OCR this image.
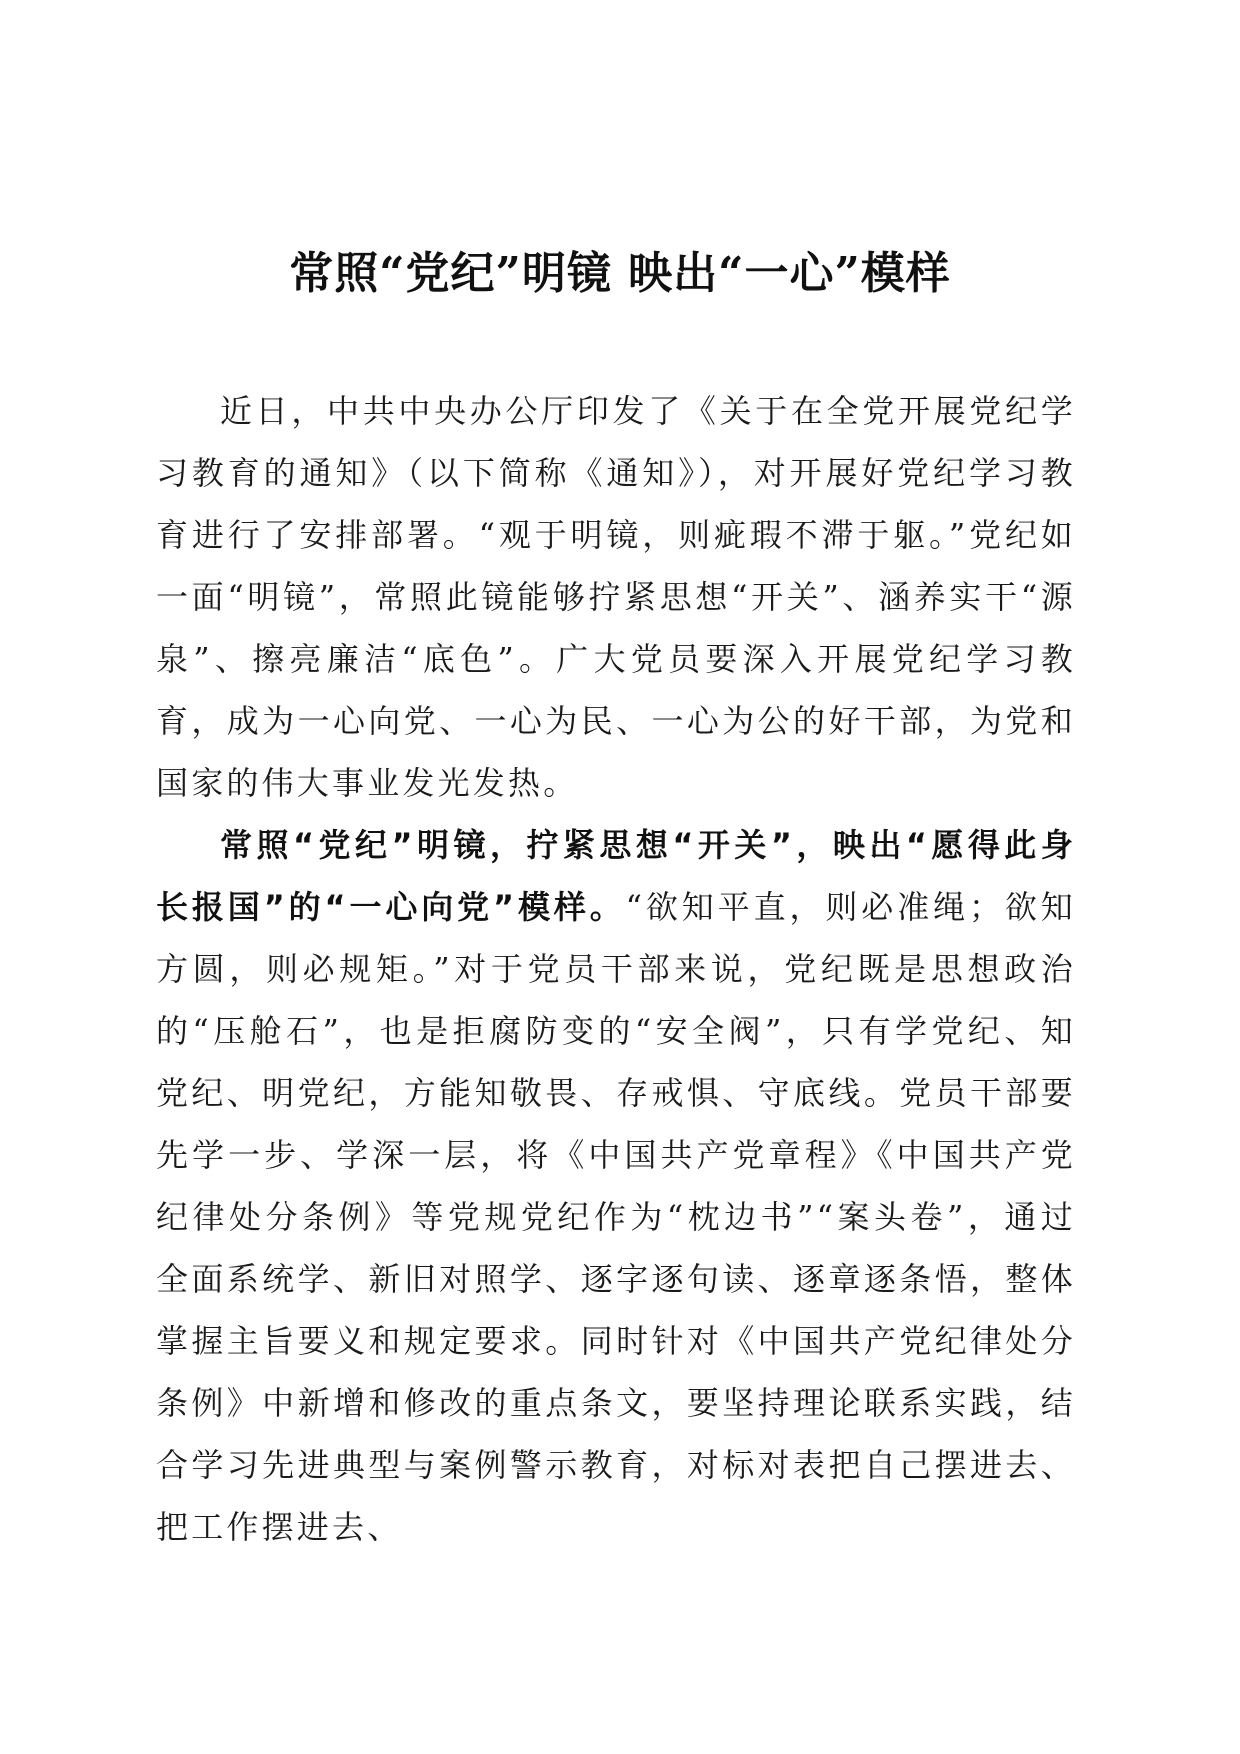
常照“党纪”明镜 映出“一心”模样

近日，中共中央办公厅印发了《关于在全党开展党纪学习教育的通知》（以下简称《通知》），对开展好党纪学习教育进行了安排部署。“观于明镜，则疵瑕不滞于躯。”党纪如一面“明镜”，常照此镜能够拧紧思想“开关”、涵养实干“源泉”、擦亮廉洁“底色”。广大党员要深入开展党纪学习教育，成为一心向党、一心为民、一心为公的好干部，为党和国家的伟大事业发光发热。

常照“党纪”明镜，拧紧思想“开关”，映出“愿得此身长报国”的“一心向党”模样。“欲知平直，则必准绳；欲知方圆，则必规矩。”对于党员干部来说，党纪既是思想政治的“压舱石”，也是拒腐防变的“安全阀”，只有学党纪、知党纪、明党纪，方能知敬畏、存戒惧、守底线。党员干部要先学一步、学深一层，将《中国共产党章程》《中国共产党纪律处分条例》等党规党纪作为“枕边书”“案头卷”，通过全面系统学、新旧对照学、逐字逐句读、逐章逐条悟，整体掌握主旨要义和规定要求。同时针对《中国共产党纪律处分条例》中新增和修改的重点条文，要坚持理论联系实践，结合学习先进典型与案例警示教育，对标对表把自己摆进去、把工作摆进去、
